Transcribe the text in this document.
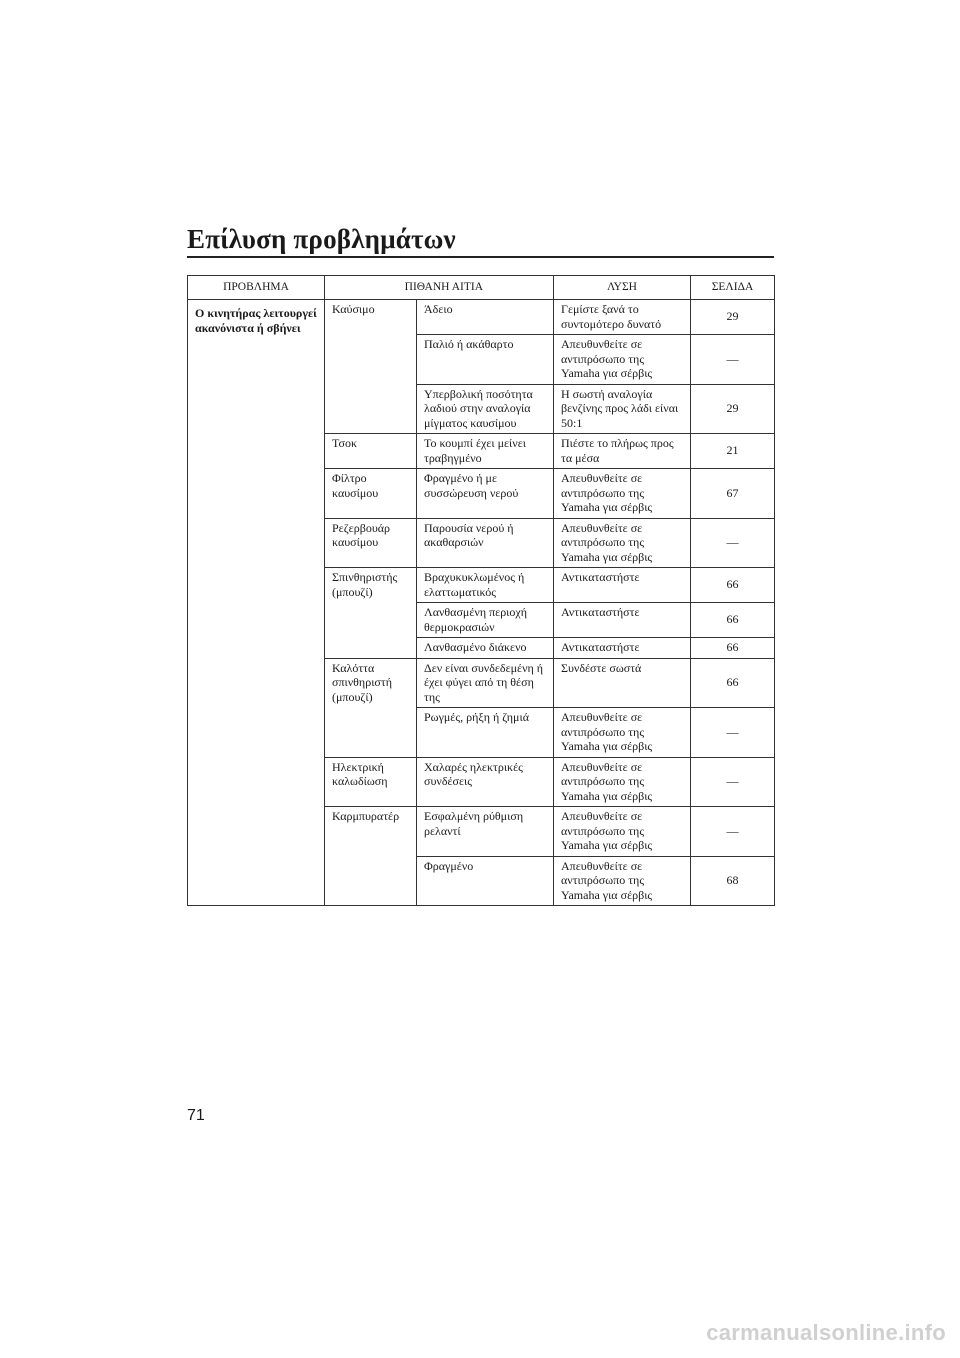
Επίλυση προβλημάτων
ΠΡΟΒΛΗΜΑ	ΠΙΘΑΝΗ ΑΙΤΙΑ		ΛΥΣΗ	ΣΕΛΙΔΑ
Ο κινητήρας λειτουργεί ακανόνιστα ή σβήνει	Καύσιμο	Άδειο	Γεμίστε ξανά το συντομότερο δυνατό	29
		Παλιό ή ακάθαρτο	Απευθυνθείτε σε αντιπρόσωπο της Yamaha για σέρβις	—
		Υπερβολική ποσότητα λαδιού στην αναλογία μίγματος καυσίμου	Η σωστή αναλογία βενζίνης προς λάδι είναι 50:1	29
	Τσοκ	Το κουμπί έχει μείνει τραβηγμένο	Πιέστε το πλήρως προς τα μέσα	21
	Φίλτρο καυσίμου	Φραγμένο ή με συσσώρευση νερού	Απευθυνθείτε σε αντιπρόσωπο της Yamaha για σέρβις	67
	Ρεζερβουάρ καυσίμου	Παρουσία νερού ή ακαθαρσιών	Απευθυνθείτε σε αντιπρόσωπο της Yamaha για σέρβις	—
	Σπινθηριστής (μπουζί)	Βραχυκυκλωμένος ή ελαττωματικός	Αντικαταστήστε	66
		Λανθασμένη περιοχή θερμοκρασιών	Αντικαταστήστε	66
		Λανθασμένο διάκενο	Αντικαταστήστε	66
	Καλόττα σπινθηριστή (μπουζί)	Δεν είναι συνδεδεμένη ή έχει φύγει από τη θέση της	Συνδέστε σωστά	66
		Ρωγμές, ρήξη ή ζημιά	Απευθυνθείτε σε αντιπρόσωπο της Yamaha για σέρβις	—
	Ηλεκτρική καλωδίωση	Χαλαρές ηλεκτρικές συνδέσεις	Απευθυνθείτε σε αντιπρόσωπο της Yamaha για σέρβις	—
	Καρμπυρατέρ	Εσφαλμένη ρύθμιση ρελαντί	Απευθυνθείτε σε αντιπρόσωπο της Yamaha για σέρβις	—
		Φραγμένο	Απευθυνθείτε σε αντιπρόσωπο της Yamaha για σέρβις	68
71
carmanualsonline.info
